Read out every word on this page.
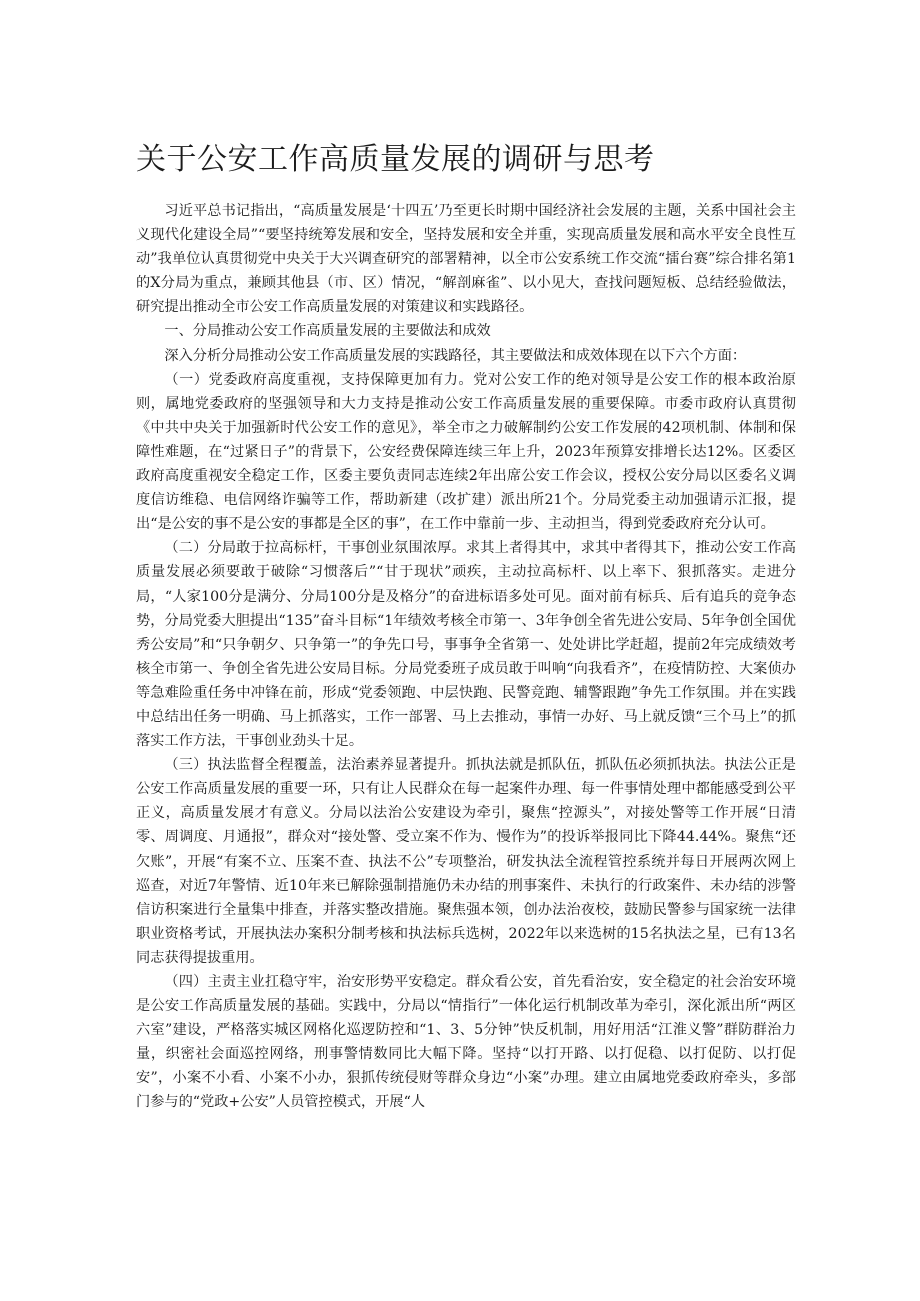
关于公安工作高质量发展的调研与思考

习近平总书记指出，“高质量发展是‘十四五’乃至更长时期中国经济社会发展的主题，关系中国社会主义现代化建设全局”“要坚持统筹发展和安全，坚持发展和安全并重，实现高质量发展和高水平安全良性互动”我单位认真贯彻党中央关于大兴调查研究的部署精神，以全市公安系统工作交流“擂台赛”综合排名第1的X分局为重点，兼顾其他县（市、区）情况，“解剖麻雀”、以小见大，查找问题短板、总结经验做法，研究提出推动全市公安工作高质量发展的对策建议和实践路径。

一、分局推动公安工作高质量发展的主要做法和成效

深入分析分局推动公安工作高质量发展的实践路径，其主要做法和成效体现在以下六个方面：

（一）党委政府高度重视，支持保障更加有力。党对公安工作的绝对领导是公安工作的根本政治原则，属地党委政府的坚强领导和大力支持是推动公安工作高质量发展的重要保障。市委市政府认真贯彻《中共中央关于加强新时代公安工作的意见》，举全市之力破解制约公安工作发展的42项机制、体制和保障性难题，在“过紧日子”的背景下，公安经费保障连续三年上升，2023年预算安排增长达12%。区委区政府高度重视安全稳定工作，区委主要负责同志连续2年出席公安工作会议，授权公安分局以区委名义调度信访维稳、电信网络诈骗等工作，帮助新建（改扩建）派出所21个。分局党委主动加强请示汇报，提出“是公安的事不是公安的事都是全区的事”，在工作中靠前一步、主动担当，得到党委政府充分认可。

（二）分局敢于拉高标杆，干事创业氛围浓厚。求其上者得其中，求其中者得其下，推动公安工作高质量发展必须要敢于破除“习惯落后”“甘于现状”顽疾，主动拉高标杆、以上率下、狠抓落实。走进分局，“人家100分是满分、分局100分是及格分”的奋进标语多处可见。面对前有标兵、后有追兵的竞争态势，分局党委大胆提出“135”奋斗目标“1年绩效考核全市第一、3年争创全省先进公安局、5年争创全国优秀公安局”和“只争朝夕、只争第一”的争先口号，事事争全省第一、处处讲比学赶超，提前2年完成绩效考核全市第一、争创全省先进公安局目标。分局党委班子成员敢于叫响“向我看齐”，在疫情防控、大案侦办等急难险重任务中冲锋在前，形成“党委领跑、中层快跑、民警竞跑、辅警跟跑”争先工作氛围。并在实践中总结出任务一明确、马上抓落实，工作一部署、马上去推动，事情一办好、马上就反馈“三个马上”的抓落实工作方法，干事创业劲头十足。

（三）执法监督全程覆盖，法治素养显著提升。抓执法就是抓队伍，抓队伍必须抓执法。执法公正是公安工作高质量发展的重要一环，只有让人民群众在每一起案件办理、每一件事情处理中都能感受到公平正义，高质量发展才有意义。分局以法治公安建设为牵引，聚焦“控源头”，对接处警等工作开展“日清零、周调度、月通报”，群众对“接处警、受立案不作为、慢作为”的投诉举报同比下降44.44%。聚焦“还欠账”，开展“有案不立、压案不查、执法不公”专项整治，研发执法全流程管控系统并每日开展两次网上巡查，对近7年警情、近10年来已解除强制措施仍未办结的刑事案件、未执行的行政案件、未办结的涉警信访积案进行全量集中排查，并落实整改措施。聚焦强本领，创办法治夜校，鼓励民警参与国家统一法律职业资格考试，开展执法办案积分制考核和执法标兵选树，2022年以来选树的15名执法之星，已有13名同志获得提拔重用。

（四）主责主业扛稳守牢，治安形势平安稳定。群众看公安，首先看治安，安全稳定的社会治安环境是公安工作高质量发展的基础。实践中，分局以“情指行”一体化运行机制改革为牵引，深化派出所“两区六室”建设，严格落实城区网格化巡逻防控和“1、3、5分钟”快反机制，用好用活“江淮义警”群防群治力量，织密社会面巡控网络，刑事警情数同比大幅下降。坚持“以打开路、以打促稳、以打促防、以打促安”，小案不小看、小案不小办，狠抓传统侵财等群众身边“小案”办理。建立由属地党委政府牵头，多部门参与的“党政+公安”人员管控模式，开展“人
